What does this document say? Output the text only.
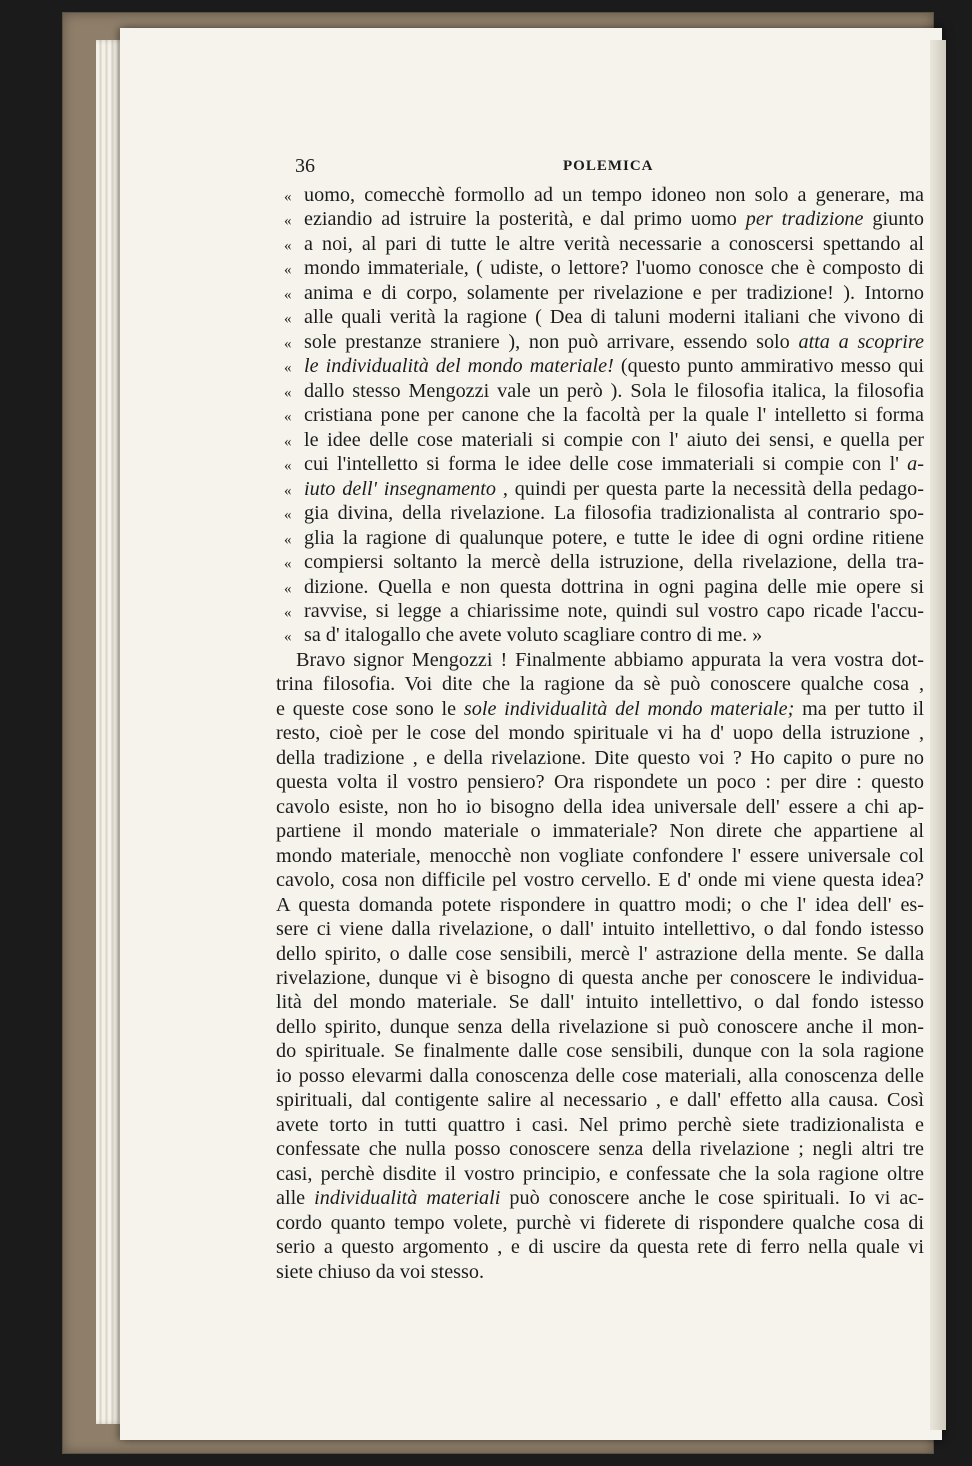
36	POLEMICA
« uomo, comecchè formollo ad un tempo idoneo non solo a generare, ma
« eziandio ad istruire la posterità, e dal primo uomo per tradizione giunto
« a noi, al pari di tutte le altre verità necessarie a conoscersi spettando al
« mondo immateriale, ( udiste, o lettore? l'uomo conosce che è composto di
« anima e di corpo, solamente per rivelazione e per tradizione! ). Intorno
« alle quali verità la ragione ( Dea di taluni moderni italiani che vivono di
« sole prestanze straniere ), non può arrivare, essendo solo atta a scoprire
« le individualità del mondo materiale! (questo punto ammirativo messo qui
« dallo stesso Mengozzi vale un però ). Sola le filosofia italica, la filosofia
« cristiana pone per canone che la facoltà per la quale l' intelletto si forma
« le idee delle cose materiali si compie con l' aiuto dei sensi, e quella per
« cui l'intelletto si forma le idee delle cose immateriali si compie con l' a-
« iuto dell' insegnamento , quindi per questa parte la necessità della pedago-
« gia divina, della rivelazione. La filosofia tradizionalista al contrario spo-
« glia la ragione di qualunque potere, e tutte le idee di ogni ordine ritiene
« compiersi soltanto la mercè della istruzione, della rivelazione, della tra-
« dizione. Quella e non questa dottrina in ogni pagina delle mie opere si
« ravvise, si legge a chiarissime note, quindi sul vostro capo ricade l'accu-
« sa d' italogallo che avete voluto scagliare contro di me. »
Bravo signor Mengozzi ! Finalmente abbiamo appurata la vera vostra dot-
trina filosofia. Voi dite che la ragione da sè può conoscere qualche cosa ,
e queste cose sono le sole individualità del mondo materiale; ma per tutto il
resto, cioè per le cose del mondo spirituale vi ha d' uopo della istruzione ,
della tradizione , e della rivelazione. Dite questo voi ? Ho capito o pure no
questa volta il vostro pensiero? Ora rispondete un poco : per dire : questo
cavolo esiste, non ho io bisogno della idea universale dell' essere a chi ap-
partiene il mondo materiale o immateriale? Non direte che appartiene al
mondo materiale, menocchè non vogliate confondere l' essere universale col
cavolo, cosa non difficile pel vostro cervello. E d' onde mi viene questa idea?
A questa domanda potete rispondere in quattro modi; o che l' idea dell' es-
sere ci viene dalla rivelazione, o dall' intuito intellettivo, o dal fondo istesso
dello spirito, o dalle cose sensibili, mercè l' astrazione della mente. Se dalla
rivelazione, dunque vi è bisogno di questa anche per conoscere le individua-
lità del mondo materiale. Se dall' intuito intellettivo, o dal fondo istesso
dello spirito, dunque senza della rivelazione si può conoscere anche il mon-
do spirituale. Se finalmente dalle cose sensibili, dunque con la sola ragione
io posso elevarmi dalla conoscenza delle cose materiali, alla conoscenza delle
spirituali, dal contigente salire al necessario , e dall' effetto alla causa. Così
avete torto in tutti quattro i casi. Nel primo perchè siete tradizionalista e
confessate che nulla posso conoscere senza della rivelazione ; negli altri tre
casi, perchè disdite il vostro principio, e confessate che la sola ragione oltre
alle individualità materiali può conoscere anche le cose spirituali. Io vi ac-
cordo quanto tempo volete, purchè vi fiderete di rispondere qualche cosa di
serio a questo argomento , e di uscire da questa rete di ferro nella quale vi
siete chiuso da voi stesso.
